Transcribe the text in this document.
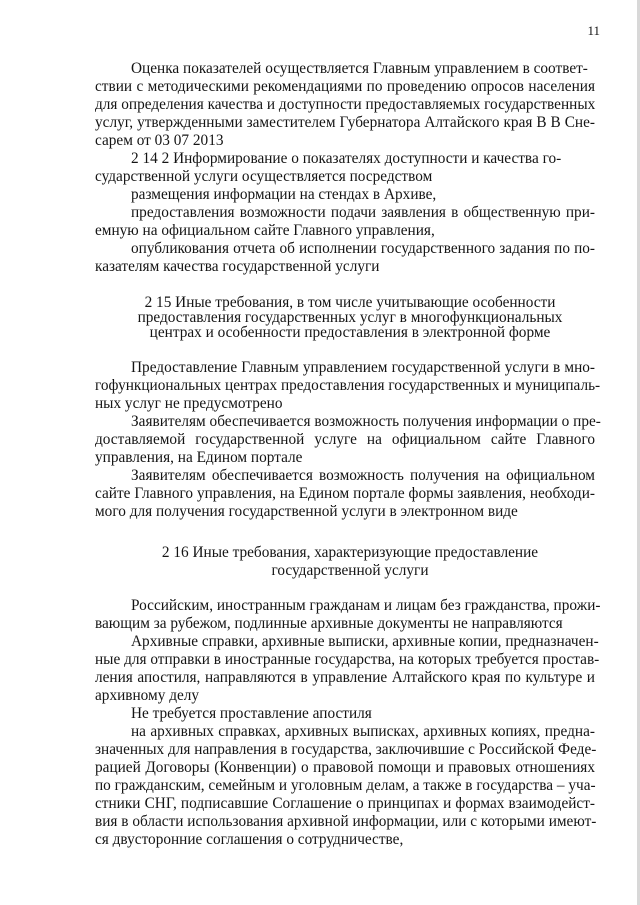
11
Оценка показателей осуществляется Главным управлением в соответ-
ствии с методическими рекомендациями по проведению опросов населения
для определения качества и доступности предоставляемых государственных
услуг, утвержденными заместителем Губернатора Алтайского края В В Сне-
сарем от 03 07 2013
2 14 2 Информирование о показателях доступности и качества го-
сударственной услуги осуществляется посредством
размещения информации на стендах в Архиве,
предоставления возможности подачи заявления в общественную при-
емную на официальном сайте Главного управления,
опубликования отчета об исполнении государственного задания по по-
казателям качества государственной услуги
2 15 Иные требования, в том числе учитывающие особенности
предоставления государственных услуг в многофункциональных
центрах и особенности предоставления в электронной форме
Предоставление Главным управлением государственной услуги в мно-
гофункциональных центрах предоставления государственных и муниципаль-
ных услуг не предусмотрено
Заявителям обеспечивается возможность получения информации о пре-
доставляемой государственной услуге на официальном сайте Главного
управления, на Едином портале
Заявителям обеспечивается возможность получения на официальном
сайте Главного управления, на Едином портале формы заявления, необходи-
мого для получения государственной услуги в электронном виде
2 16 Иные требования, характеризующие предоставление
государственной услуги
Российским, иностранным гражданам и лицам без гражданства, прожи-
вающим за рубежом, подлинные архивные документы не направляются
Архивные справки, архивные выписки, архивные копии, предназначен-
ные для отправки в иностранные государства, на которых требуется простав-
ления апостиля, направляются в управление Алтайского края по культуре и
архивному делу
Не требуется проставление апостиля
на архивных справках, архивных выписках, архивных копиях, предна-
значенных для направления в государства, заключившие с Российской Феде-
рацией Договоры (Конвенции) о правовой помощи и правовых отношениях
по гражданским, семейным и уголовным делам, а также в государства – уча-
стники СНГ, подписавшие Соглашение о принципах и формах взаимодейст-
вия в области использования архивной информации, или с которыми имеют-
ся двусторонние соглашения о сотрудничестве,
